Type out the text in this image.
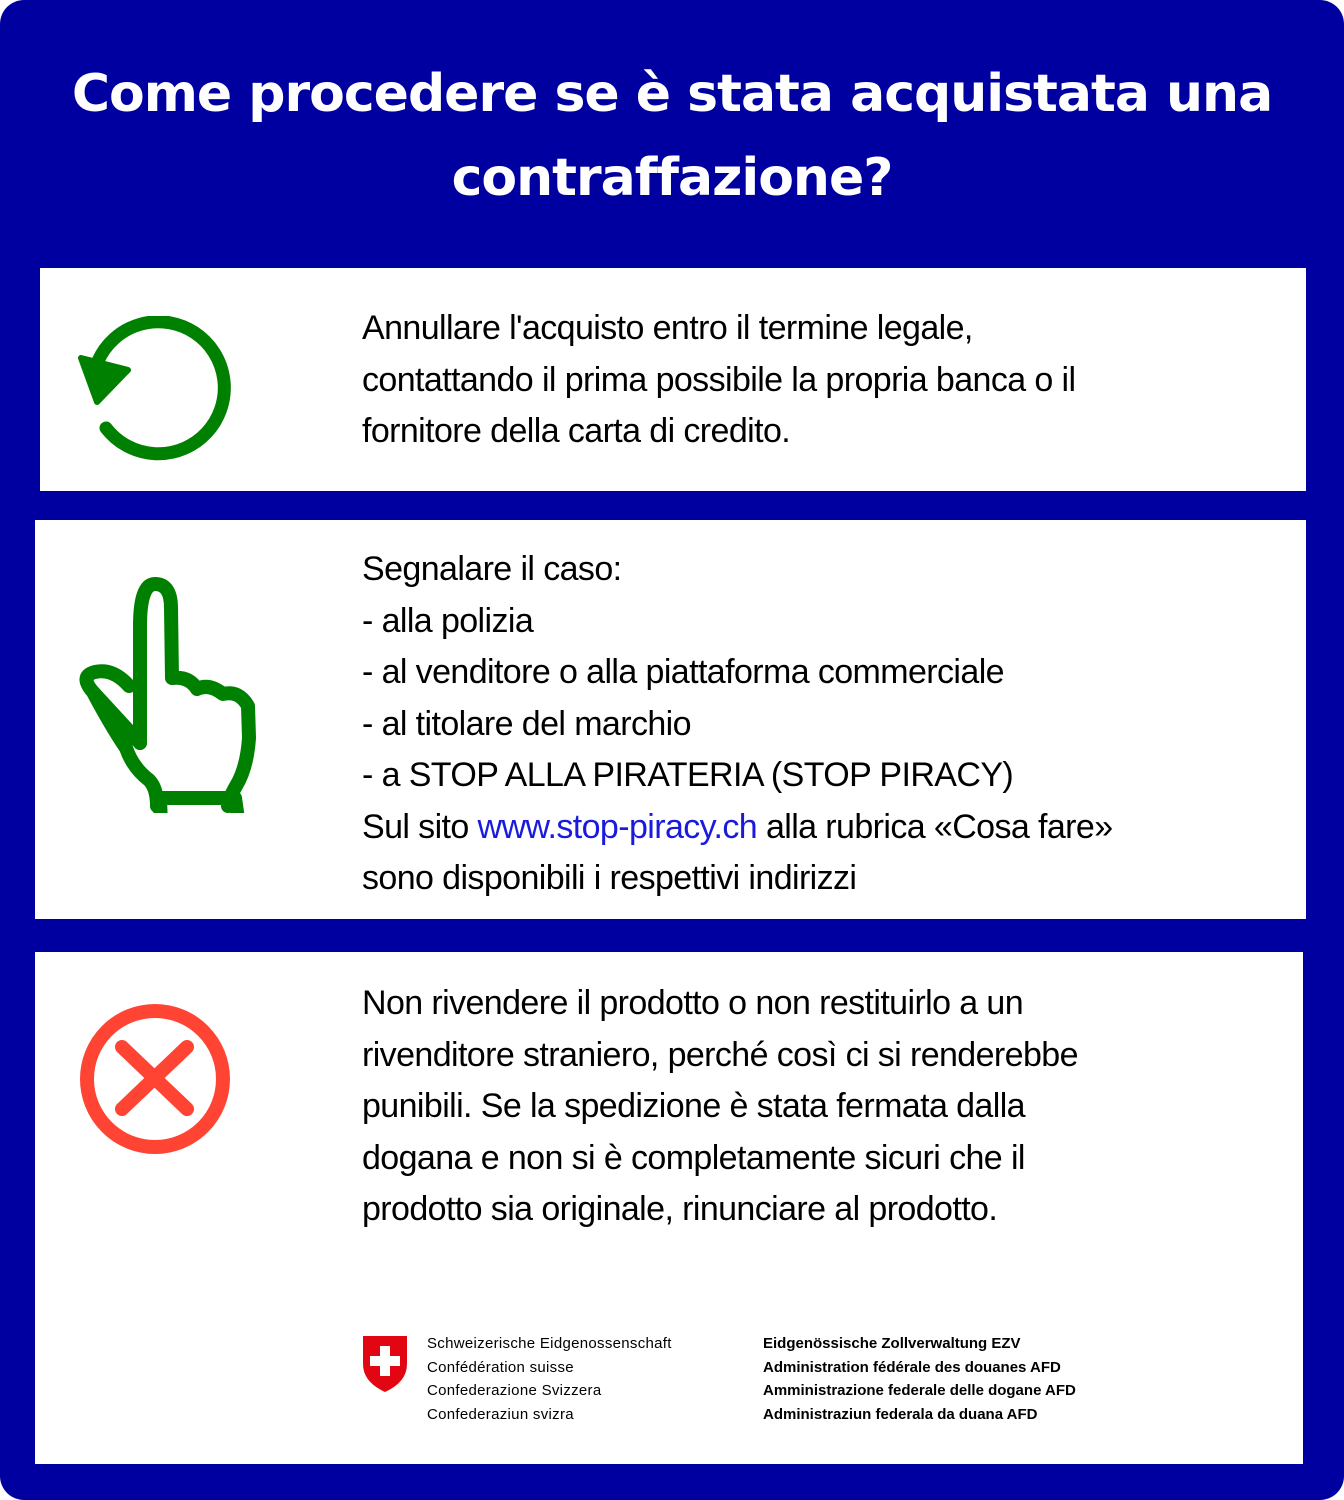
Come procedere se è stata acquistata una
contraffazione?
Annullare l'acquisto entro il termine legale,
contattando il prima possibile la propria banca o il
fornitore della carta di credito.
Segnalare il caso:
- alla polizia
- al venditore o alla piattaforma commerciale
- al titolare del marchio
- a STOP ALLA PIRATERIA (STOP PIRACY)
Sul sito www.stop-piracy.ch alla rubrica «Cosa fare»
sono disponibili i respettivi indirizzi
Non rivendere il prodotto o non restituirlo a un
rivenditore straniero, perché così ci si renderebbe
punibili. Se la spedizione è stata fermata dalla
dogana e non si è completamente sicuri che il
prodotto sia originale, rinunciare al prodotto.
Schweizerische Eidgenossenschaft
Confédération suisse
Confederazione Svizzera
Confederaziun svizra
Eidgenössische Zollverwaltung EZV
Administration fédérale des douanes AFD
Amministrazione federale delle dogane AFD
Administraziun federala da duana AFD
